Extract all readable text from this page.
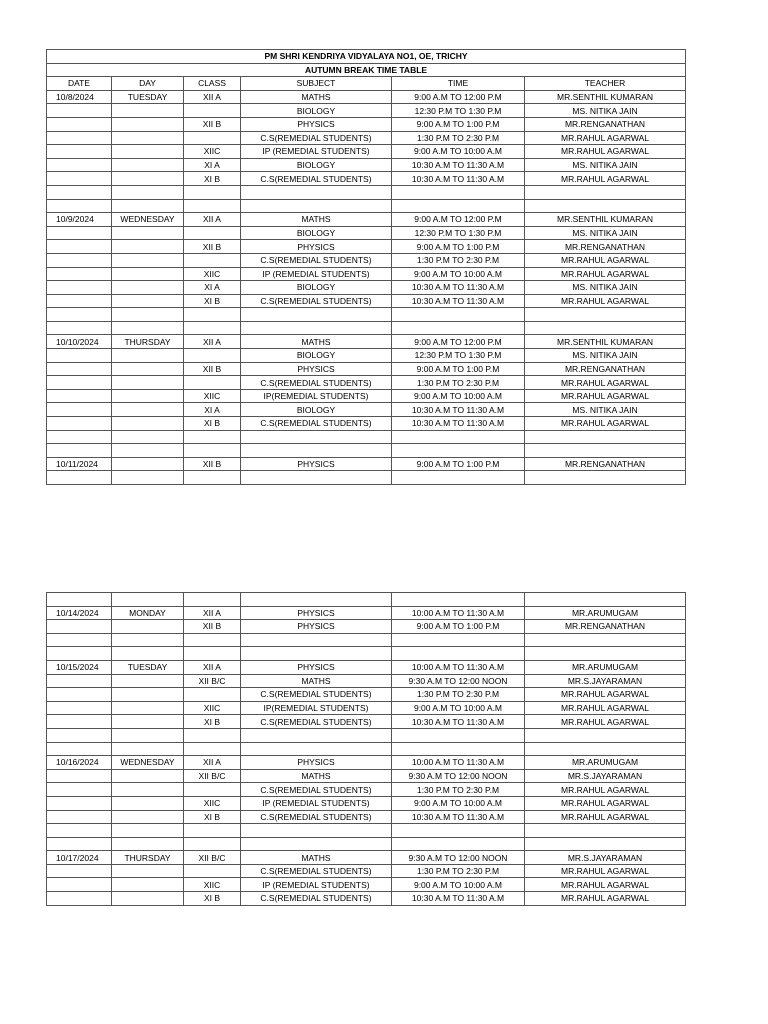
PM SHRI KENDRIYA VIDYALAYA NO1, OE, TRICHY					
AUTUMN BREAK TIME TABLE					
DATE	DAY	CLASS	SUBJECT	TIME	TEACHER
10/8/2024	TUESDAY	XII A	MATHS	9:00 A.M TO 12:00 P.M	MR.SENTHIL KUMARAN
			BIOLOGY	12:30 P.M TO 1:30 P.M	MS. NITIKA JAIN
		XII B	PHYSICS	9:00 A.M TO 1:00 P.M	MR.RENGANATHAN
			C.S(REMEDIAL STUDENTS)	1:30 P.M TO 2:30 P.M	MR.RAHUL AGARWAL
		XIIC	IP (REMEDIAL STUDENTS)	9:00 A.M TO 10:00 A.M	MR.RAHUL AGARWAL
		XI A	BIOLOGY	10:30 A.M TO 11:30 A.M	MS. NITIKA JAIN
		XI B	C.S(REMEDIAL STUDENTS)	10:30 A.M TO 11:30 A.M	MR.RAHUL AGARWAL

10/9/2024	WEDNESDAY	XII A	MATHS	9:00 A.M TO 12:00 P.M	MR.SENTHIL KUMARAN
			BIOLOGY	12:30 P.M TO 1:30 P.M	MS. NITIKA JAIN
		XII B	PHYSICS	9:00 A.M TO 1:00 P.M	MR.RENGANATHAN
			C.S(REMEDIAL STUDENTS)	1:30 P.M TO 2:30 P.M	MR.RAHUL AGARWAL
		XIIC	IP (REMEDIAL STUDENTS)	9:00 A.M TO 10:00 A.M	MR.RAHUL AGARWAL
		XI A	BIOLOGY	10:30 A.M TO 11:30 A.M	MS. NITIKA JAIN
		XI B	C.S(REMEDIAL STUDENTS)	10:30 A.M TO 11:30 A.M	MR.RAHUL AGARWAL

10/10/2024	THURSDAY	XII A	MATHS	9:00 A.M TO 12:00 P.M	MR.SENTHIL KUMARAN
			BIOLOGY	12:30 P.M TO 1:30 P.M	MS. NITIKA JAIN
		XII B	PHYSICS	9:00 A.M TO 1:00 P.M	MR.RENGANATHAN
			C.S(REMEDIAL STUDENTS)	1:30 P.M TO 2:30 P.M	MR.RAHUL AGARWAL
		XIIC	IP(REMEDIAL STUDENTS)	9:00 A.M TO 10:00 A.M	MR.RAHUL AGARWAL
		XI A	BIOLOGY	10:30 A.M TO 11:30 A.M	MS. NITIKA JAIN
		XI B	C.S(REMEDIAL STUDENTS)	10:30 A.M TO 11:30 A.M	MR.RAHUL AGARWAL

10/11/2024		XII B	PHYSICS	9:00 A.M TO 1:00 P.M	MR.RENGANATHAN

10/14/2024	MONDAY	XII A	PHYSICS	10:00 A.M TO 11:30 A.M	MR.ARUMUGAM
		XII B	PHYSICS	9:00 A.M TO 1:00 P.M	MR.RENGANATHAN

10/15/2024	TUESDAY	XII A	PHYSICS	10:00 A.M TO 11:30 A.M	MR.ARUMUGAM
		XII B/C	MATHS	9:30 A.M TO 12:00 NOON	MR.S.JAYARAMAN
			C.S(REMEDIAL STUDENTS)	1:30 P.M TO 2:30 P.M	MR.RAHUL AGARWAL
		XIIC	IP(REMEDIAL STUDENTS)	9:00 A.M TO 10:00 A.M	MR.RAHUL AGARWAL
		XI B	C.S(REMEDIAL STUDENTS)	10:30 A.M TO 11:30 A.M	MR.RAHUL AGARWAL

10/16/2024	WEDNESDAY	XII A	PHYSICS	10:00 A.M TO 11:30 A.M	MR.ARUMUGAM
		XII B/C	MATHS	9:30 A.M TO 12:00 NOON	MR.S.JAYARAMAN
			C.S(REMEDIAL STUDENTS)	1:30 P.M TO 2:30 P.M	MR.RAHUL AGARWAL
		XIIC	IP (REMEDIAL STUDENTS)	9:00 A.M TO 10:00 A.M	MR.RAHUL AGARWAL
		XI B	C.S(REMEDIAL STUDENTS)	10:30 A.M TO 11:30 A.M	MR.RAHUL AGARWAL

10/17/2024	THURSDAY	XII B/C	MATHS	9:30 A.M TO 12:00 NOON	MR.S.JAYARAMAN
			C.S(REMEDIAL STUDENTS)	1:30 P.M TO 2:30 P.M	MR.RAHUL AGARWAL
		XIIC	IP (REMEDIAL STUDENTS)	9:00 A.M TO 10:00 A.M	MR.RAHUL AGARWAL
		XI B	C.S(REMEDIAL STUDENTS)	10:30 A.M TO 11:30 A.M	MR.RAHUL AGARWAL
